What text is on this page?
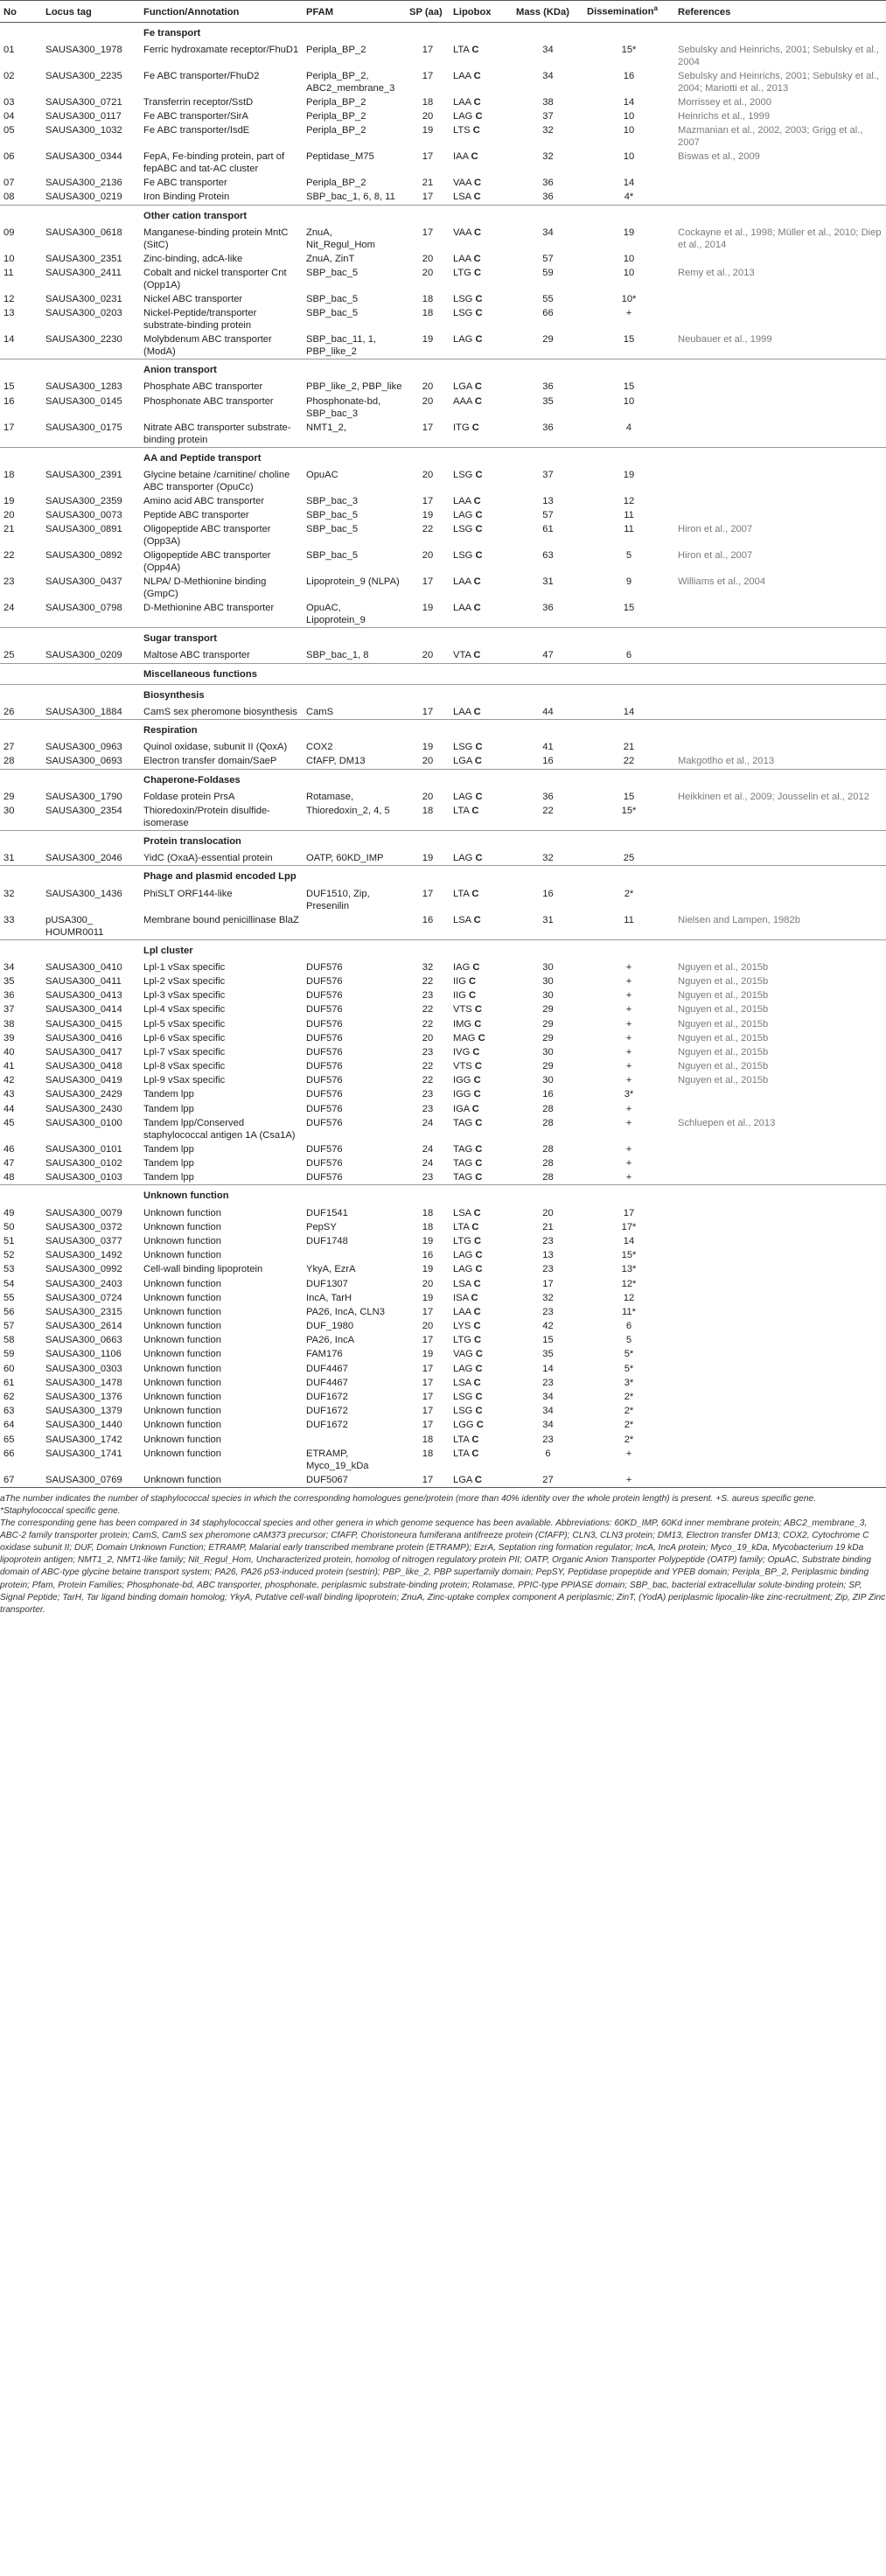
No	Locus tag	Function/Annotation	PFAM	SP (aa)	Lipobox	Mass (KDa)	Dissemination$^a$	References
		Fe transport						
01	SAUSA300_1978	Ferric hydroxamate receptor/FhuD1	Peripla_BP_2	17	LTA C	34	15*	Sebulsky and Heinrichs, 2001; Sebulsky et al., 2004
02	SAUSA300_2235	Fe ABC transporter/FhuD2	Peripla_BP_2, ABC2_membrane_3	17	LAA C	34	16	Sebulsky and Heinrichs, 2001; Sebulsky et al., 2004; Mariotti et al., 2013
03	SAUSA300_0721	Transferrin receptor/SstD	Peripla_BP_2	18	LAA C	38	14	Morrissey et al., 2000
04	SAUSA300_0117	Fe ABC transporter/SirA	Peripla_BP_2	20	LAG C	37	10	Heinrichs et al., 1999
05	SAUSA300_1032	Fe ABC transporter/IsdE	Peripla_BP_2	19	LTS C	32	10	Mazmanian et al., 2002, 2003; Grigg et al., 2007
06	SAUSA300_0344	FepA, Fe-binding protein, part of fepABC and tat-AC cluster	Peptidase_M75	17	IAA C	32	10	Biswas et al., 2009
07	SAUSA300_2136	Fe ABC transporter	Peripla_BP_2	21	VAA C	36	14	
08	SAUSA300_0219	Iron Binding Protein	SBP_bac_1, 6, 8, 11	17	LSA C	36	4*	
		Other cation transport						
09	SAUSA300_0618	Manganese-binding protein MntC (SitC)	ZnuA, Nit_Regul_Hom	17	VAA C	34	19	Cockayne et al., 1998; Müller et al., 2010; Diep et al., 2014
10	SAUSA300_2351	Zinc-binding, adcA-like	ZnuA, ZinT	20	LAA C	57	10	
11	SAUSA300_2411	Cobalt and nickel transporter Cnt (Opp1A)	SBP_bac_5	20	LTG C	59	10	Remy et al., 2013
12	SAUSA300_0231	Nickel ABC transporter	SBP_bac_5	18	LSG C	55	10*	
13	SAUSA300_0203	Nickel-Peptide/transporter substrate-binding protein	SBP_bac_5	18	LSG C	66	+	
14	SAUSA300_2230	Molybdenum ABC transporter (ModA)	SBP_bac_11, 1, PBP_like_2	19	LAG C	29	15	Neubauer et al., 1999
		Anion transport						
15	SAUSA300_1283	Phosphate ABC transporter	PBP_like_2, PBP_like	20	LGA C	36	15	
16	SAUSA300_0145	Phosphonate ABC transporter	Phosphonate-bd, SBP_bac_3	20	AAA C	35	10	
17	SAUSA300_0175	Nitrate ABC transporter substrate-binding protein	NMT1_2,	17	ITG C	36	4	
		AA and Peptide transport						
18	SAUSA300_2391	Glycine betaine /carnitine/ choline ABC transporter (OpuCc)	OpuAC	20	LSG C	37	19	
19	SAUSA300_2359	Amino acid ABC transporter	SBP_bac_3	17	LAA C	13	12	
20	SAUSA300_0073	Peptide ABC transporter	SBP_bac_5	19	LAG C	57	11	
21	SAUSA300_0891	Oligopeptide ABC transporter (Opp3A)	SBP_bac_5	22	LSG C	61	11	Hiron et al., 2007
22	SAUSA300_0892	Oligopeptide ABC transporter (Opp4A)	SBP_bac_5	20	LSG C	63	5	Hiron et al., 2007
23	SAUSA300_0437	NLPA/ D-Methionine binding (GmpC)	Lipoprotein_9 (NLPA)	17	LAA C	31	9	Williams et al., 2004
24	SAUSA300_0798	D-Methionine ABC transporter	OpuAC, Lipoprotein_9	19	LAA C	36	15	
		Sugar transport						
25	SAUSA300_0209	Maltose ABC transporter	SBP_bac_1, 8	20	VTA C	47	6	
		Miscellaneous functions						
		Biosynthesis						
26	SAUSA300_1884	CamS sex pheromone biosynthesis	CamS	17	LAA C	44	14	
		Respiration						
27	SAUSA300_0963	Quinol oxidase, subunit II (QoxA)	COX2	19	LSG C	41	21	
28	SAUSA300_0693	Electron transfer domain/SaeP	CfAFP, DM13	20	LGA C	16	22	Makgotlho et al., 2013
		Chaperone-Foldases						
29	SAUSA300_1790	Foldase protein PrsA	Rotamase,	20	LAG C	36	15	Heikkinen et al., 2009; Jousselin et al., 2012
30	SAUSA300_2354	Thioredoxin/Protein disulfide-isomerase	Thioredoxin_2, 4, 5	18	LTA C	22	15*	
		Protein translocation						
31	SAUSA300_2046	YidC (OxaA)-essential protein	OATP, 60KD_IMP	19	LAG C	32	25	
		Phage and plasmid encoded Lpp						
32	SAUSA300_1436	PhiSLT ORF144-like	DUF1510, Zip, Presenilin	17	LTA C	16	2*	
33	pUSA300_ HOUMR0011	Membrane bound penicillinase BlaZ		16	LSA C	31	11	Nielsen and Lampen, 1982b
		Lpl cluster						
34	SAUSA300_0410	Lpl-1 vSax specific	DUF576	32	IAG C	30	+	Nguyen et al., 2015b
35	SAUSA300_0411	Lpl-2 vSax specific	DUF576	22	IIG C	30	+	Nguyen et al., 2015b
36	SAUSA300_0413	Lpl-3 vSax specific	DUF576	23	IIG C	30	+	Nguyen et al., 2015b
37	SAUSA300_0414	Lpl-4 vSax specific	DUF576	22	VTS C	29	+	Nguyen et al., 2015b
38	SAUSA300_0415	Lpl-5 vSax specific	DUF576	22	IMG C	29	+	Nguyen et al., 2015b
39	SAUSA300_0416	Lpl-6 vSax specific	DUF576	20	MAG C	29	+	Nguyen et al., 2015b
40	SAUSA300_0417	Lpl-7 vSax specific	DUF576	23	IVG C	30	+	Nguyen et al., 2015b
41	SAUSA300_0418	Lpl-8 vSax specific	DUF576	22	VTS C	29	+	Nguyen et al., 2015b
42	SAUSA300_0419	Lpl-9 vSax specific	DUF576	22	IGG C	30	+	Nguyen et al., 2015b
43	SAUSA300_2429	Tandem lpp	DUF576	23	IGG C	16	3*	
44	SAUSA300_2430	Tandem lpp	DUF576	23	IGA C	28	+	
45	SAUSA300_0100	Tandem lpp/Conserved staphylococcal antigen 1A (Csa1A)	DUF576	24	TAG C	28	+	Schluepen et al., 2013
46	SAUSA300_0101	Tandem lpp	DUF576	24	TAG C	28	+	
47	SAUSA300_0102	Tandem lpp	DUF576	24	TAG C	28	+	
48	SAUSA300_0103	Tandem lpp	DUF576	23	TAG C	28	+	
		Unknown function						
49	SAUSA300_0079	Unknown function	DUF1541	18	LSA C	20	17	
50	SAUSA300_0372	Unknown function	PepSY	18	LTA C	21	17*	
51	SAUSA300_0377	Unknown function	DUF1748	19	LTG C	23	14	
52	SAUSA300_1492	Unknown function		16	LAG C	13	15*	
53	SAUSA300_0992	Cell-wall binding lipoprotein	YkyA, EzrA	19	LAG C	23	13*	
54	SAUSA300_2403	Unknown function	DUF1307	20	LSA C	17	12*	
55	SAUSA300_0724	Unknown function	IncA, TarH	19	ISA C	32	12	
56	SAUSA300_2315	Unknown function	PA26, IncA, CLN3	17	LAA C	23	11*	
57	SAUSA300_2614	Unknown function	DUF_1980	20	LYS C	42	6	
58	SAUSA300_0663	Unknown function	PA26, IncA	17	LTG C	15	5	
59	SAUSA300_1106	Unknown function	FAM176	19	VAG C	35	5*	
60	SAUSA300_0303	Unknown function	DUF4467	17	LAG C	14	5*	
61	SAUSA300_1478	Unknown function	DUF4467	17	LSA C	23	3*	
62	SAUSA300_1376	Unknown function	DUF1672	17	LSG C	34	2*	
63	SAUSA300_1379	Unknown function	DUF1672	17	LSG C	34	2*	
64	SAUSA300_1440	Unknown function	DUF1672	17	LGG C	34	2*	
65	SAUSA300_1742	Unknown function		18	LTA C	23	2*	
66	SAUSA300_1741	Unknown function	ETRAMP, Myco_19_kDa	18	LTA C	6	+	
67	SAUSA300_0769	Unknown function	DUF5067	17	LGA C	27	+	

aThe number indicates the number of staphylococcal species in which the corresponding homologues gene/protein (more than 40% identity over the whole protein length) is present. +S. aureus specific gene.

*Staphylococcal specific gene.

The corresponding gene has been compared in 34 staphylococcal species and other genera in which genome sequence has been available. Abbreviations: 60KD_IMP, 60Kd inner membrane protein; ABC2_membrane_3, ABC-2 family transporter protein; CamS, CamS sex pheromone cAM373 precursor; CfAFP, Choristoneura fumiferana antifreeze protein (CfAFP); CLN3, CLN3 protein; DM13, Electron transfer DM13; COX2, Cytochrome C oxidase subunit II; DUF, Domain Unknown Function; ETRAMP, Malarial early transcribed membrane protein (ETRAMP); EzrA, Septation ring formation regulator; IncA, IncA protein; Myco_19_kDa, Mycobacterium 19 kDa lipoprotein antigen; NMT1_2, NMT1-like family; Nit_Regul_Hom, Uncharacterized protein, homolog of nitrogen regulatory protein PII; OATP, Organic Anion Transporter Polypeptide (OATP) family; OpuAC, Substrate binding domain of ABC-type glycine betaine transport system; PA26, PA26 p53-induced protein (sestrin); PBP_like_2, PBP superfamily domain; PepSY, Peptidase propeptide and YPEB domain; Peripla_BP_2, Periplasmic binding protein; Pfam, Protein Families; Phosphonate-bd, ABC transporter, phosphonate, periplasmic substrate-binding protein; Rotamase, PPIC-type PPIASE domain; SBP_bac, bacterial extracellular solute-binding protein; SP, Signal Peptide; TarH, Tar ligand binding domain homolog; YkyA, Putative cell-wall binding lipoprotein; ZnuA, Zinc-uptake complex component A periplasmic; ZinT, (YodA) periplasmic lipocalin-like zinc-recruitment; Zip, ZIP Zinc transporter.
